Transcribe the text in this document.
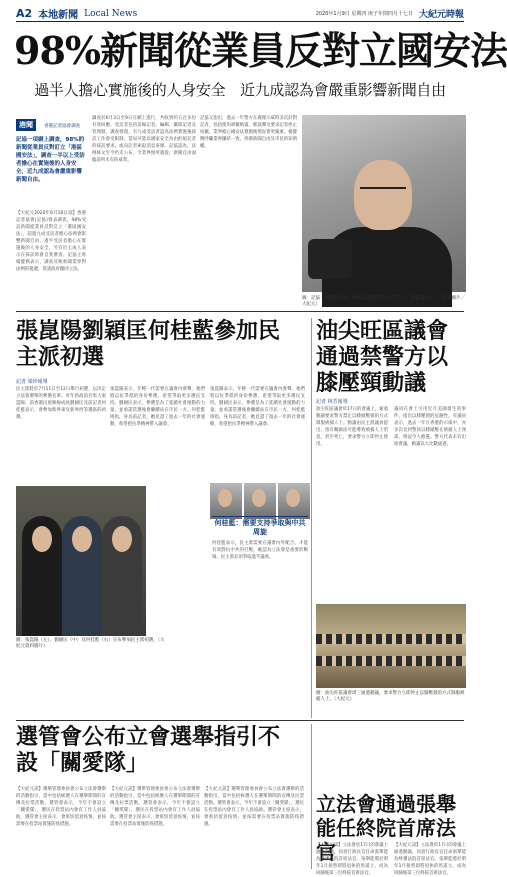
A2 本地新聞 Local News	2020年1月9日 星期四 庚子年閏四月十七日 大紀元時報
98%新聞從業員反對立國安法
過半人擔心實施後的人身安全　近九成認為會嚴重影響新聞自由
港聞 香港記者協會調查
記協一項網上調查，98%的新聞從業員反對訂立「港區國安法」，調查一半以上受訪者擔心在實施後的人身安全，近九成認為會嚴重影響新聞自由。
【大紀元2020年6月18日訊】香港記者協會(記協)發表調查，98%受訪新聞從業員反對訂立「港區國安法」，超過九成受訪者擔心法例會影響新聞自由，過半受訪者擔心在實施後的人身安全，另有近七成人表示在採訪時會自我審查。記協主席楊健興表示，調查反映新聞業界對法例的憂慮，促請政府撤回立法。
調查於6月3日至9日在網上進行，共收到約五百多份有效回應，受訪者包括前線記者、編輯、攝影記者及管理層。調查發現，有九成受訪者認為法例實施後採訪工作會受限制，當局可能以國家安全為由拒絕記者的採訪要求，或向記者索取消息來源。記協認為，法例條文至今仍未公布，令業界無所適從，新聞自由面臨前所未有的威脅。
記協又指出，過去一年警方在處理示威時多次針對記者，包括使用胡椒噴霧、催淚彈及要求記者停止拍攝，業界擔心國安法實施後情況會更嚴重。楊健興呼籲業界團結一致，捍衛新聞自由及市民的知情權。
圖：記協一項調查發現，98%的新聞從業員反對訂立「港區國安法」。（資料圖片／大紀元）
張崑陽劉穎匡何桂藍參加民主派初選
記者 梁珍報導
民主派將於7月11日至12日舉行初選，以決定立法會選舉的參選名單。青年新政前召集人張崑陽、前香港民族陣線成員劉穎匡及前記者何桂藍表示，會參加新界東及新界西等選區的初選。
張崑陽表示，年輕一代需要在議會內發聲，他們將以抗爭派的身份參選，希望爭取更多選民支持。劉穎匡表示，參選是為了延續社會運動的力量，並承諾當選後會繼續站在市民一方。何桂藍則指，身為前記者，她見證了過去一年的社會運動，希望把抗爭精神帶入議會。
張崑陽表示，年輕一代需要在議會內發聲，他們將以抗爭派的身份參選，希望爭取更多選民支持。劉穎匡表示，參選是為了延續社會運動的力量，並承諾當選後會繼續站在市民一方。何桂藍則指，身為前記者，她見證了過去一年的社會運動，希望把抗爭精神帶入議會。
何桂藍：需要支持爭取與中共周旋
何桂藍表示，民主派需要在議會內外配合，才能有效對抗中共的打壓。她認為立法會是重要的戰場，民主派必須爭取過半議席。
圖：張崑陽（左）、劉穎匡（中）及何桂藍（右）宣布參加民主派初選。（大紀元資料圖片）
油尖旺區議會通過禁警方以膝壓頸動議
記者 林芳報導
油尖旺區議會於17日的會議上，通過動議要求警方禁止以膝頭壓頸的方式制服被捕人士。動議由民主派議員提出，指有關做法可能導致被捕人士窒息，甚至死亡，要求警方立即停止使用。
議員在會上引用近月美國發生的事件，指出以膝壓頸的危險性。有議員表示，過去一年在香港的示威中，亦多次見到警員以膝頭壓在被捕人士頸部，情況令人擔憂。警方代表未有出席會議，動議以大比數通過。
圖：油尖旺區議會周三通過動議，要求警方立即停止以膝壓頸的方式制服被捕人士。（大紀元）
選管會公布立會選舉指引不設「關愛隊」
【大紀元訊】選舉管理委員會公布立法會選舉的活動指引，當中包括候選人在選舉期間的宣傳及拉票活動。選管會表示，今年不會設立「關愛隊」，選民在投票站內會有工作人員協助。選管會主席表示，會密切留意疫情，並按需要在投票站實施防疫措施。
【大紀元訊】選舉管理委員會公布立法會選舉的活動指引，當中包括候選人在選舉期間的宣傳及拉票活動。選管會表示，今年不會設立「關愛隊」，選民在投票站內會有工作人員協助。選管會主席表示，會密切留意疫情，並按需要在投票站實施防疫措施。
【大紀元訊】選舉管理委員會公布立法會選舉的活動指引，當中包括候選人在選舉期間的宣傳及拉票活動。選管會表示，今年不會設立「關愛隊」，選民在投票站內會有工作人員協助。選管會主席表示，會密切留意疫情，並按需要在投票站實施防疫措施。
立法會通過張舉能任終院首席法官
【大紀元訊】立法會於17日的會議上通過動議，同意行政長官任命張舉能為終審法院首席法官。張舉能將於明年1月接替即將退休的馬道立，成為回歸後第三位終院首席法官。
【大紀元訊】立法會於17日的會議上通過動議，同意行政長官任命張舉能為終審法院首席法官。張舉能將於明年1月接替即將退休的馬道立，成為回歸後第三位終院首席法官。
